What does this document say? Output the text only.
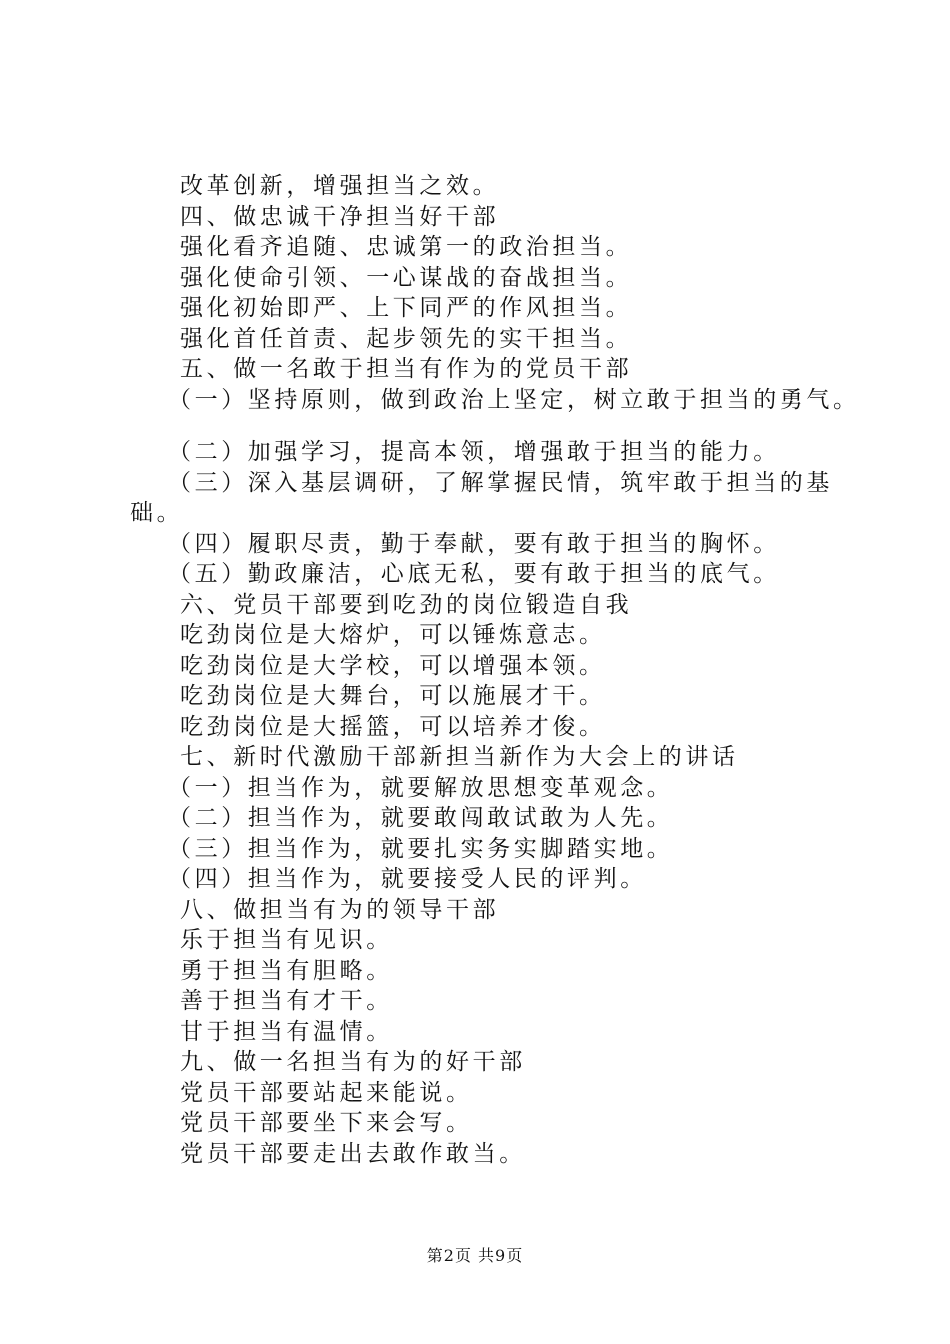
改革创新，增强担当之效。
四、做忠诚干净担当好干部
强化看齐追随、忠诚第一的政治担当。
强化使命引领、一心谋战的奋战担当。
强化初始即严、上下同严的作风担当。
强化首任首责、起步领先的实干担当。
五、做一名敢于担当有作为的党员干部
（一）坚持原则，做到政治上坚定，树立敢于担当的勇气。
（二）加强学习，提高本领，增强敢于担当的能力。
（三）深入基层调研，了解掌握民情，筑牢敢于担当的基
础。
（四）履职尽责，勤于奉献，要有敢于担当的胸怀。
（五）勤政廉洁，心底无私，要有敢于担当的底气。
六、党员干部要到吃劲的岗位锻造自我
吃劲岗位是大熔炉，可以锤炼意志。
吃劲岗位是大学校，可以增强本领。
吃劲岗位是大舞台，可以施展才干。
吃劲岗位是大摇篮，可以培养才俊。
七、新时代激励干部新担当新作为大会上的讲话
（一）担当作为，就要解放思想变革观念。
（二）担当作为，就要敢闯敢试敢为人先。
（三）担当作为，就要扎实务实脚踏实地。
（四）担当作为，就要接受人民的评判。
八、做担当有为的领导干部
乐于担当有见识。
勇于担当有胆略。
善于担当有才干。
甘于担当有温情。
九、做一名担当有为的好干部
党员干部要站起来能说。
党员干部要坐下来会写。
党员干部要走出去敢作敢当。
第2页 共9页
